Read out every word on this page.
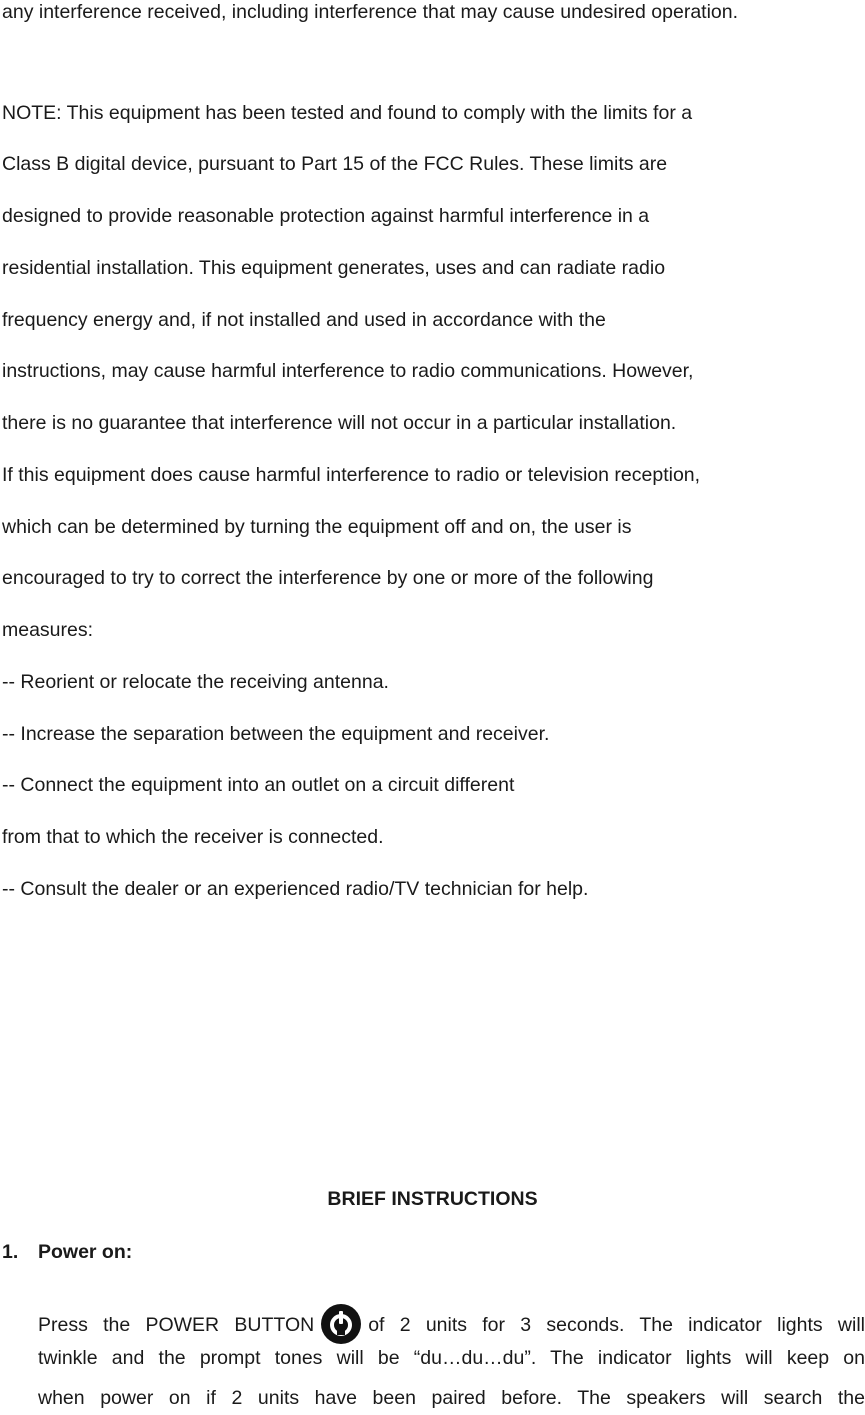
any interference received, including interference that may cause undesired operation.
NOTE: This equipment has been tested and found to comply with the limits for a
Class B digital device, pursuant to Part 15 of the FCC Rules. These limits are
designed to provide reasonable protection against harmful interference in a
residential installation. This equipment generates, uses and can radiate radio
frequency energy and, if not installed and used in accordance with the
instructions, may cause harmful interference to radio communications. However,
there is no guarantee that interference will not occur in a particular installation.
If this equipment does cause harmful interference to radio or television reception,
which can be determined by turning the equipment off and on, the user is
encouraged to try to correct the interference by one or more of the following
measures:
-- Reorient or relocate the receiving antenna.
-- Increase the separation between the equipment and receiver.
-- Connect the equipment into an outlet on a circuit different
from that to which the receiver is connected.
-- Consult the dealer or an experienced radio/TV technician for help.
BRIEF INSTRUCTIONS
1. Power on:
Press the POWER BUTTON	of 2 units for 3 seconds. The indicator lights will
twinkle and the prompt tones will be “du…du…du”. The indicator lights will keep on
when power on if 2 units have been paired before. The speakers will search the
